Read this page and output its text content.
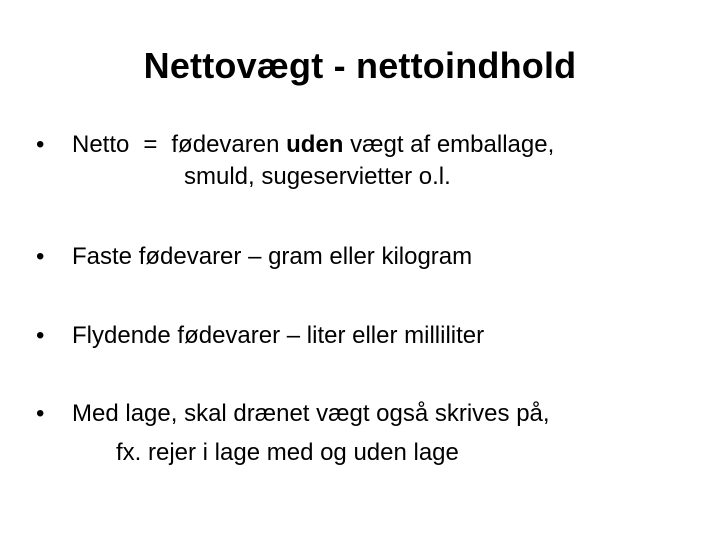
Nettovægt - nettoindhold
•	Netto = fødevaren uden vægt af emballage,
smuld, sugeservietter o.l.
•	Faste fødevarer – gram eller kilogram
•	Flydende fødevarer – liter eller milliliter
•	Med lage, skal drænet vægt også skrives på,
fx. rejer i lage med og uden lage
